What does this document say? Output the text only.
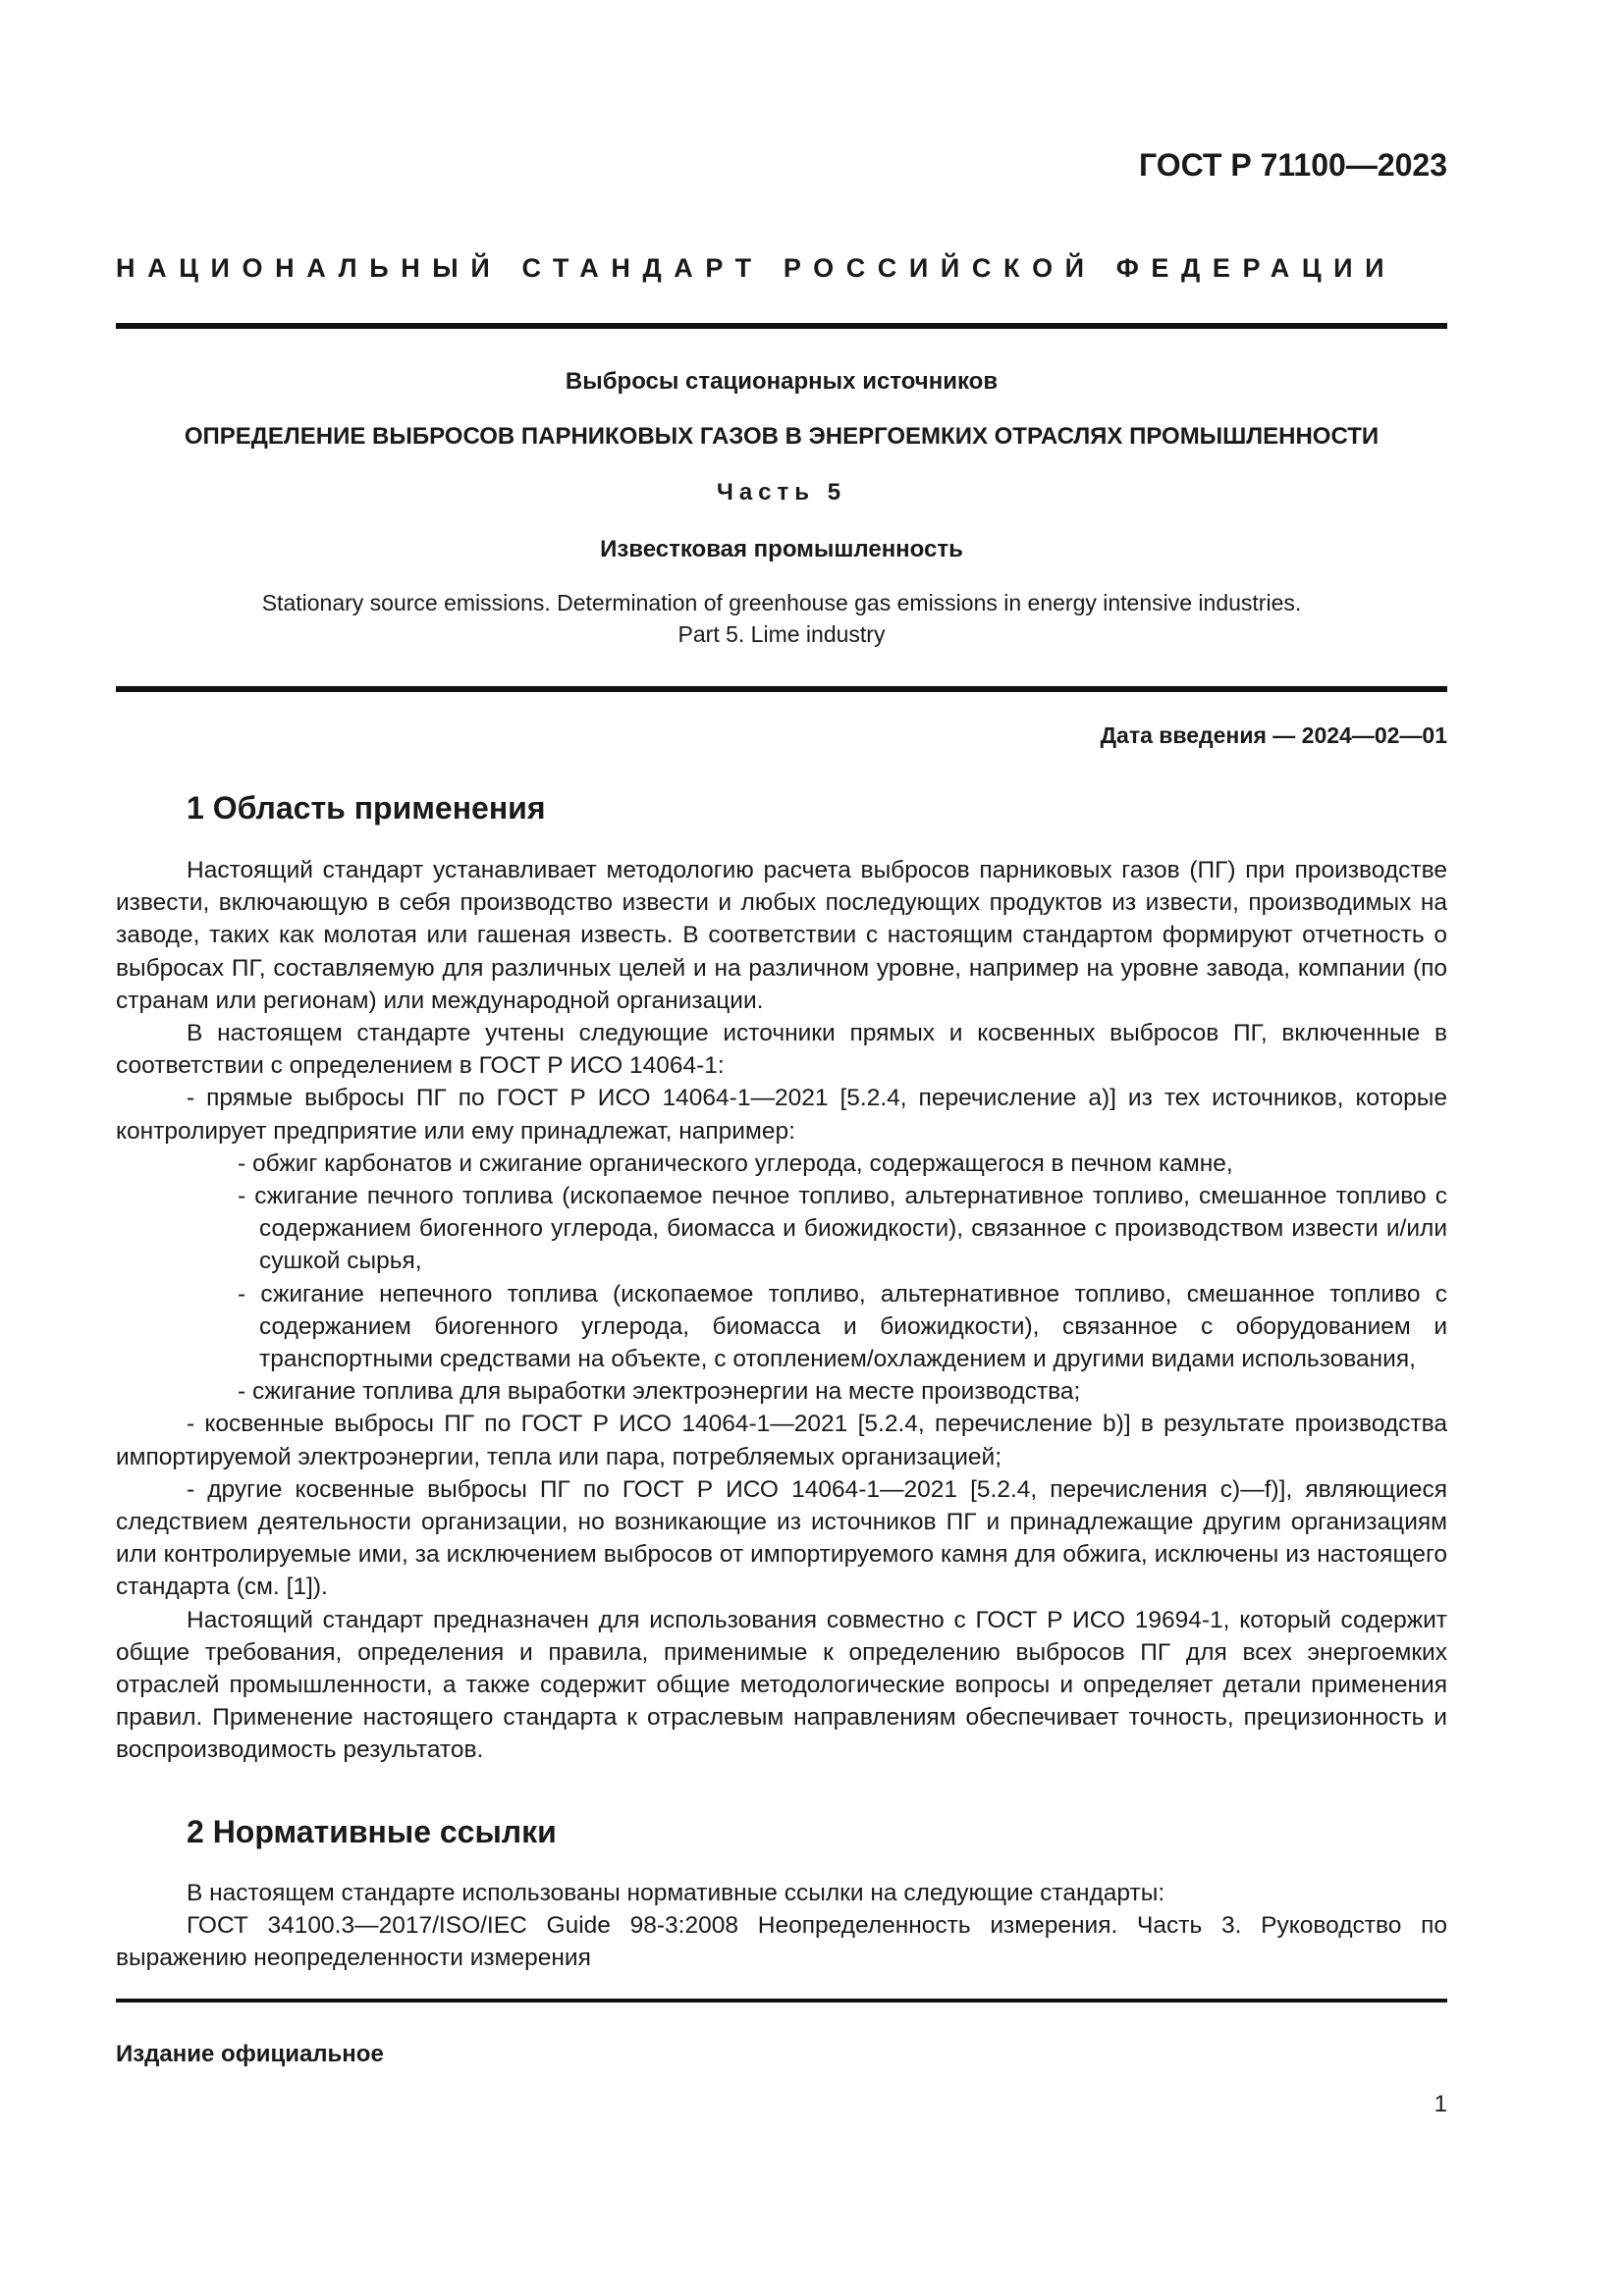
ГОСТ Р 71100—2023
НАЦИОНАЛЬНЫЙ СТАНДАРТ РОССИЙСКОЙ ФЕДЕРАЦИИ
Выбросы стационарных источников
ОПРЕДЕЛЕНИЕ ВЫБРОСОВ ПАРНИКОВЫХ ГАЗОВ В ЭНЕРГОЕМКИХ ОТРАСЛЯХ ПРОМЫШЛЕННОСТИ
Часть 5
Известковая промышленность
Stationary source emissions. Determination of greenhouse gas emissions in energy intensive industries.
Part 5. Lime industry
Дата введения — 2024—02—01
1 Область применения

Настоящий стандарт устанавливает методологию расчета выбросов парниковых газов (ПГ) при производстве извести, включающую в себя производство извести и любых последующих продуктов из извести, производимых на заводе, таких как молотая или гашеная известь. В соответствии с настоящим стандартом формируют отчетность о выбросах ПГ, составляемую для различных целей и на различном уровне, например на уровне завода, компании (по странам или регионам) или международной организации.

В настоящем стандарте учтены следующие источники прямых и косвенных выбросов ПГ, включенные в соответствии с определением в ГОСТ Р ИСО 14064-1:

- прямые выбросы ПГ по ГОСТ Р ИСО 14064-1—2021 [5.2.4, перечисление а)] из тех источников, которые контролирует предприятие или ему принадлежат, например:

- обжиг карбонатов и сжигание органического углерода, содержащегося в печном камне,

- сжигание печного топлива (ископаемое печное топливо, альтернативное топливо, смешанное топливо с содержанием биогенного углерода, биомасса и биожидкости), связанное с производством извести и/или сушкой сырья,

- сжигание непечного топлива (ископаемое топливо, альтернативное топливо, смешанное топливо с содержанием биогенного углерода, биомасса и биожидкости), связанное с оборудованием и транспортными средствами на объекте, с отоплением/охлаждением и другими видами использования,

- сжигание топлива для выработки электроэнергии на месте производства;

- косвенные выбросы ПГ по ГОСТ Р ИСО 14064-1—2021 [5.2.4, перечисление b)] в результате производства импортируемой электроэнергии, тепла или пара, потребляемых организацией;

- другие косвенные выбросы ПГ по ГОСТ Р ИСО 14064-1—2021 [5.2.4, перечисления с)—f)], являющиеся следствием деятельности организации, но возникающие из источников ПГ и принадлежащие другим организациям или контролируемые ими, за исключением выбросов от импортируемого камня для обжига, исключены из настоящего стандарта (см. [1]).

Настоящий стандарт предназначен для использования совместно с ГОСТ Р ИСО 19694-1, который содержит общие требования, определения и правила, применимые к определению выбросов ПГ для всех энергоемких отраслей промышленности, а также содержит общие методологические вопросы и определяет детали применения правил. Применение настоящего стандарта к отраслевым направлениям обеспечивает точность, прецизионность и воспроизводимость результатов.

2 Нормативные ссылки

В настоящем стандарте использованы нормативные ссылки на следующие стандарты:

ГОСТ 34100.3—2017/ISO/IEC Guide 98-3:2008 Неопределенность измерения. Часть 3. Руководство по выражению неопределенности измерения

Издание официальное
1
